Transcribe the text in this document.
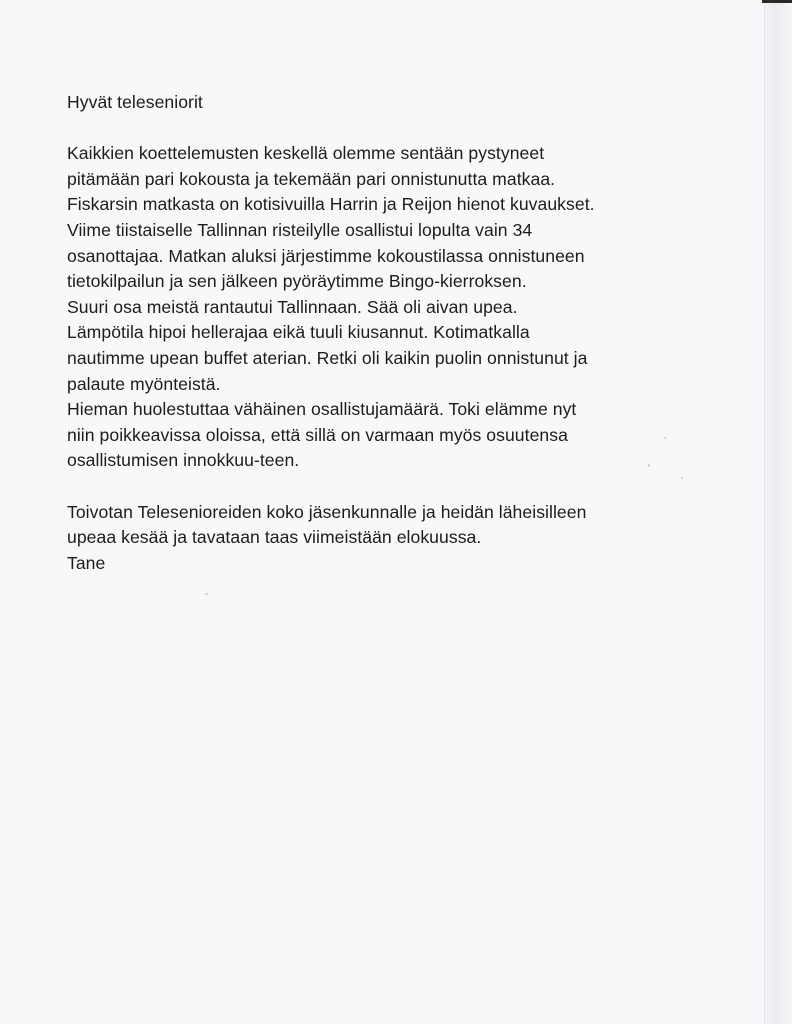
Hyvät teleseniorit

Kaikkien koettelemusten keskellä olemme sentään pystyneet

pitämään pari kokousta ja tekemään pari onnistunutta matkaa.

Fiskarsin matkasta on kotisivuilla Harrin ja Reijon hienot kuvaukset.

Viime tiistaiselle Tallinnan risteilylle osallistui lopulta vain 34

osanottajaa. Matkan aluksi järjestimme kokoustilassa onnistuneen

tietokilpailun ja sen jälkeen pyöräytimme Bingo-kierroksen.

Suuri osa meistä rantautui Tallinnaan. Sää oli aivan upea.

Lämpötila hipoi hellerajaa eikä tuuli kiusannut. Kotimatkalla

nautimme upean buffet aterian. Retki oli kaikin puolin onnistunut ja

palaute myönteistä.

Hieman huolestuttaa vähäinen osallistujamäärä. Toki elämme nyt

niin poikkeavissa oloissa, että sillä on varmaan myös osuutensa

osallistumisen innokkuu-teen.

Toivotan Telesenioreiden koko jäsenkunnalle ja heidän läheisilleen

upeaa kesää ja tavataan taas viimeistään elokuussa.

Tane
